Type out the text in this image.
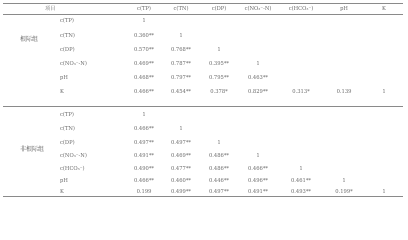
项目	c(TP)	c(TN)	c(DP)	c(NO₃⁻-N)	c(HCO₃⁻)	pH	K
根际组
c(TP)	1
c(TN)	0.360**	1
c(DP)	0.570**	0.768**	1
c(NO₃⁻-N)	0.469**	0.787**	0.395**	1
pH	0.468**	0.797**	0.795**	0.463**
K	0.466**	0.454**	0.378*	0.829**	0.313*	0.139	1
非根际组
c(TP)	1
c(TN)	0.466**	1
c(DP)	0.497**	0.497**	1
c(NO₃⁻-N)	0.491**	0.469**	0.486**	1
c(HCO₃⁻)	0.490**	0.477**	0.486**	0.466**	1
pH	0.466**	0.460**	0.446**	0.496**	0.461**	1
K	0.199	0.499**	0.497**	0.491**	0.493**	0.199*	1
